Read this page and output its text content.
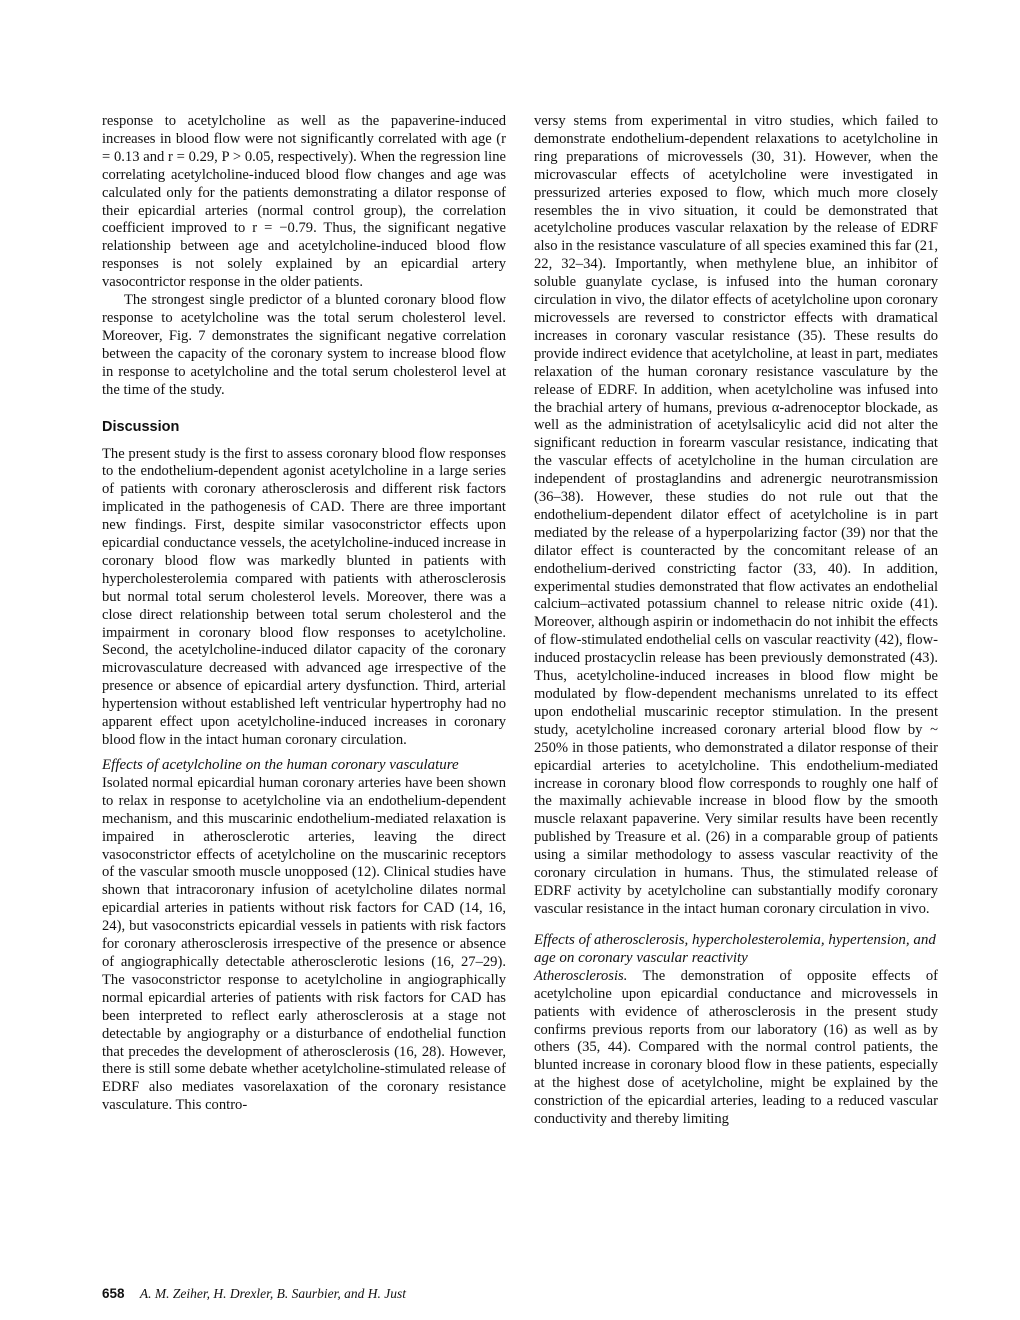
response to acetylcholine as well as the papaverine-induced increases in blood flow were not significantly correlated with age (r = 0.13 and r = 0.29, P > 0.05, respectively). When the regression line correlating acetylcholine-induced blood flow changes and age was calculated only for the patients demonstrating a dilator response of their epicardial arteries (normal control group), the correlation coefficient improved to r = −0.79. Thus, the significant negative relationship between age and acetylcholine-induced blood flow responses is not solely explained by an epicardial artery vasocontrictor response in the older patients.

The strongest single predictor of a blunted coronary blood flow response to acetylcholine was the total serum cholesterol level. Moreover, Fig. 7 demonstrates the significant negative correlation between the capacity of the coronary system to increase blood flow in response to acetylcholine and the total serum cholesterol level at the time of the study.

Discussion

The present study is the first to assess coronary blood flow responses to the endothelium-dependent agonist acetylcholine in a large series of patients with coronary atherosclerosis and different risk factors implicated in the pathogenesis of CAD. There are three important new findings. First, despite similar vasoconstrictor effects upon epicardial conductance vessels, the acetylcholine-induced increase in coronary blood flow was markedly blunted in patients with hypercholesterolemia compared with patients with atherosclerosis but normal total serum cholesterol levels. Moreover, there was a close direct relationship between total serum cholesterol and the impairment in coronary blood flow responses to acetylcholine. Second, the acetylcholine-induced dilator capacity of the coronary microvasculature decreased with advanced age irrespective of the presence or absence of epicardial artery dysfunction. Third, arterial hypertension without established left ventricular hypertrophy had no apparent effect upon acetylcholine-induced increases in coronary blood flow in the intact human coronary circulation.

Effects of acetylcholine on the human coronary vasculature

Isolated normal epicardial human coronary arteries have been shown to relax in response to acetylcholine via an endothelium-dependent mechanism, and this muscarinic endothelium-mediated relaxation is impaired in atherosclerotic arteries, leaving the direct vasoconstrictor effects of acetylcholine on the muscarinic receptors of the vascular smooth muscle unopposed (12). Clinical studies have shown that intracoronary infusion of acetylcholine dilates normal epicardial arteries in patients without risk factors for CAD (14, 16, 24), but vasoconstricts epicardial vessels in patients with risk factors for coronary atherosclerosis irrespective of the presence or absence of angiographically detectable atherosclerotic lesions (16, 27–29). The vasoconstrictor response to acetylcholine in angiographically normal epicardial arteries of patients with risk factors for CAD has been interpreted to reflect early atherosclerosis at a stage not detectable by angiography or a disturbance of endothelial function that precedes the development of atherosclerosis (16, 28). However, there is still some debate whether acetylcholine-stimulated release of EDRF also mediates vasorelaxation of the coronary resistance vasculature. This contro-

versy stems from experimental in vitro studies, which failed to demonstrate endothelium-dependent relaxations to acetylcholine in ring preparations of microvessels (30, 31). However, when the microvascular effects of acetylcholine were investigated in pressurized arteries exposed to flow, which much more closely resembles the in vivo situation, it could be demonstrated that acetylcholine produces vascular relaxation by the release of EDRF also in the resistance vasculature of all species examined this far (21, 22, 32–34). Importantly, when methylene blue, an inhibitor of soluble guanylate cyclase, is infused into the human coronary circulation in vivo, the dilator effects of acetylcholine upon coronary microvessels are reversed to constrictor effects with dramatical increases in coronary vascular resistance (35). These results do provide indirect evidence that acetylcholine, at least in part, mediates relaxation of the human coronary resistance vasculature by the release of EDRF. In addition, when acetylcholine was infused into the brachial artery of humans, previous α-adrenoceptor blockade, as well as the administration of acetylsalicylic acid did not alter the significant reduction in forearm vascular resistance, indicating that the vascular effects of acetylcholine in the human circulation are independent of prostaglandins and adrenergic neurotransmission (36–38). However, these studies do not rule out that the endothelium-dependent dilator effect of acetylcholine is in part mediated by the release of a hyperpolarizing factor (39) nor that the dilator effect is counteracted by the concomitant release of an endothelium-derived constricting factor (33, 40). In addition, experimental studies demonstrated that flow activates an endothelial calcium–activated potassium channel to release nitric oxide (41). Moreover, although aspirin or indomethacin do not inhibit the effects of flow-stimulated endothelial cells on vascular reactivity (42), flow-induced prostacyclin release has been previously demonstrated (43). Thus, acetylcholine-induced increases in blood flow might be modulated by flow-dependent mechanisms unrelated to its effect upon endothelial muscarinic receptor stimulation. In the present study, acetylcholine increased coronary arterial blood flow by ~ 250% in those patients, who demonstrated a dilator response of their epicardial arteries to acetylcholine. This endothelium-mediated increase in coronary blood flow corresponds to roughly one half of the maximally achievable increase in blood flow by the smooth muscle relaxant papaverine. Very similar results have been recently published by Treasure et al. (26) in a comparable group of patients using a similar methodology to assess vascular reactivity of the coronary circulation in humans. Thus, the stimulated release of EDRF activity by acetylcholine can substantially modify coronary vascular resistance in the intact human coronary circulation in vivo.

Effects of atherosclerosis, hypercholesterolemia, hypertension, and age on coronary vascular reactivity

Atherosclerosis. The demonstration of opposite effects of acetylcholine upon epicardial conductance and microvessels in patients with evidence of atherosclerosis in the present study confirms previous reports from our laboratory (16) as well as by others (35, 44). Compared with the normal control patients, the blunted increase in coronary blood flow in these patients, especially at the highest dose of acetylcholine, might be explained by the constriction of the epicardial arteries, leading to a reduced vascular conductivity and thereby limiting

658 A. M. Zeiher, H. Drexler, B. Saurbier, and H. Just
